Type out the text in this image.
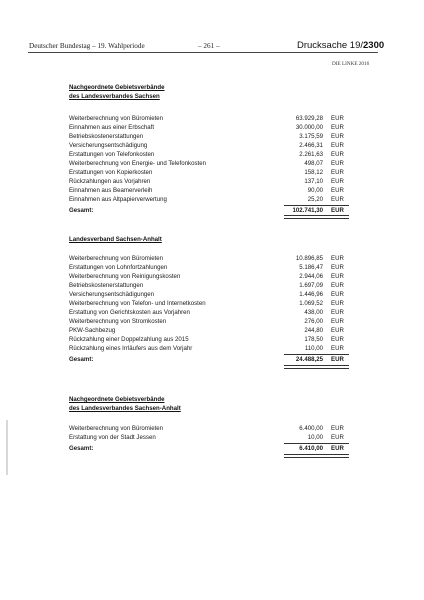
Deutscher Bundestag – 19. Wahlperiode	– 261 –	Drucksache 19/2300
DIE LINKE 2016
Nachgeordnete Gebietsverbände
des Landesverbandes Sachsen
Weiterberechnung von Büromieten	63.929,28 EUR
Einnahmen aus einer Erbschaft	30.000,00 EUR
Betriebskostenerstattungen	3.175,59 EUR
Versicherungsentschädigung	2.466,31 EUR
Erstattungen von Telefonkosten	2.261,63 EUR
Weiterberechnung von Energie- und Telefonkosten	498,07 EUR
Erstattungen von Kopierkosten	158,12 EUR
Rückzahlungen aus Vorjahren	137,10 EUR
Einnahmen aus Beamerverleih	90,00 EUR
Einnahmen aus Altpapierverwertung	25,20 EUR
Gesamt:	102.741,30 EUR
Landesverband Sachsen-Anhalt
Weiterberechnung von Büromieten	10.896,85 EUR
Erstattungen von Lohnfortzahlungen	5.186,47 EUR
Weiterberechnung von Reinigungskosten	2.944,06 EUR
Betriebskostenerstattungen	1.697,09 EUR
Versicherungsentschädigungen	1.446,96 EUR
Weiterberechnung von Telefon- und Internetkosten	1.069,52 EUR
Erstattung von Gerichtskosten aus Vorjahren	438,00 EUR
Weiterberechnung von Stromkosten	276,00 EUR
PKW-Sachbezug	244,80 EUR
Rückzahlung einer Doppelzahlung aus 2015	178,50 EUR
Rückzahlung eines Irrläufers aus dem Vorjahr	110,00 EUR
Gesamt:	24.488,25 EUR
Nachgeordnete Gebietsverbände
des Landesverbandes Sachsen-Anhalt
Weiterberechnung von Büromieten	6.400,00 EUR
Erstattung von der Stadt Jessen	10,00 EUR
Gesamt:	6.410,00 EUR
